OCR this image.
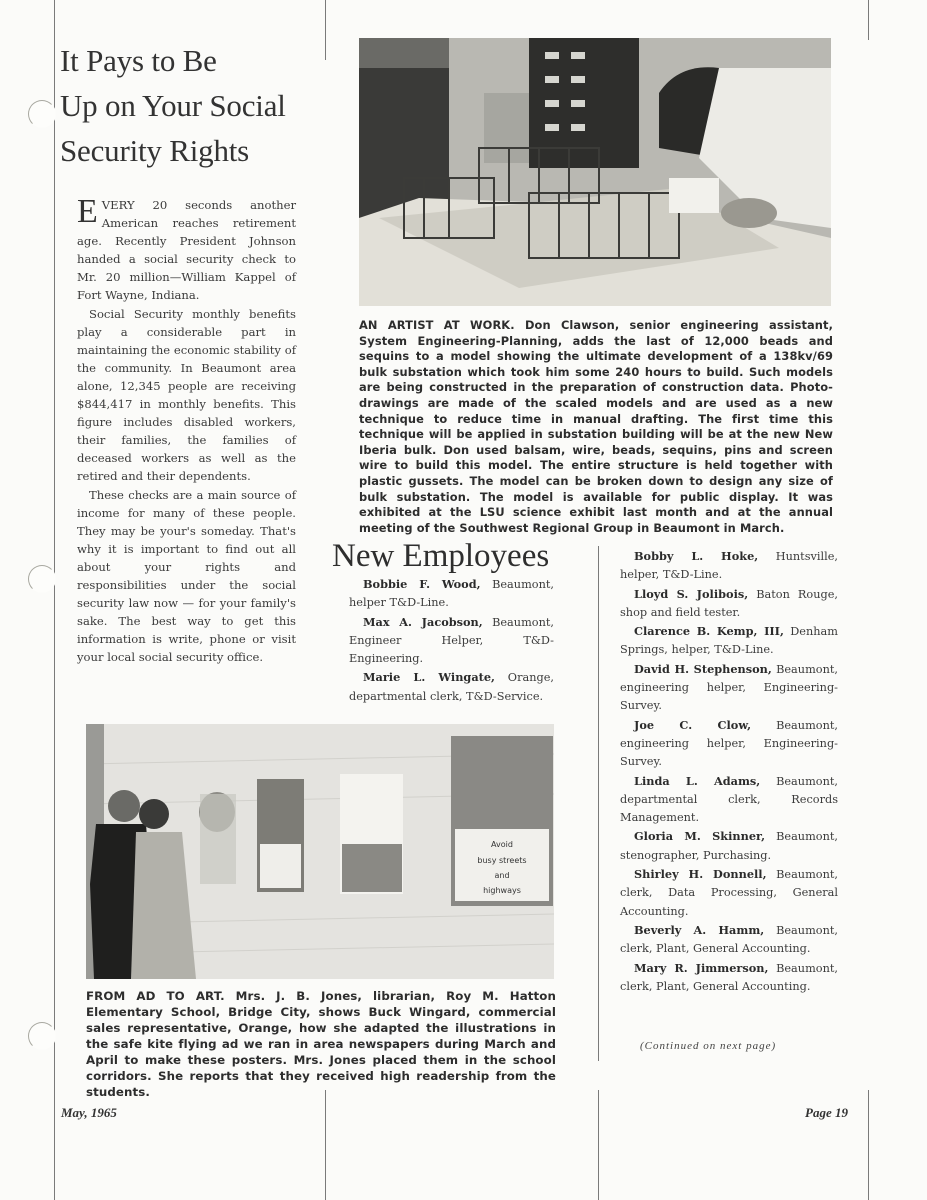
It Pays to Be
Up on Your Social
Security Rights

EVERY 20 seconds another American reaches retirement age. Recently President Johnson handed a social security check to Mr. 20 million—William Kappel of Fort Wayne, Indiana.

Social Security monthly benefits play a considerable part in maintaining the economic stability of the community. In Beaumont area alone, 12,345 people are receiving $844,417 in monthly benefits. This figure includes disabled workers, their families, the families of deceased workers as well as the retired and their dependents.

These checks are a main source of income for many of these people. They may be your's someday. That's why it is important to find out all about your rights and responsibilities under the social security law now — for your family's sake. The best way to get this information is write, phone or visit your local social security office.

AN ARTIST AT WORK. Don Clawson, senior engineering assistant, System Engineering-Planning, adds the last of 12,000 beads and sequins to a model showing the ultimate development of a 138kv/69 bulk substation which took him some 240 hours to build. Such models are being constructed in the preparation of construction data. Photo-drawings are made of the scaled models and are used as a new technique to reduce time in manual drafting. The first time this technique will be applied in substation building will be at the new New Iberia bulk. Don used balsam, wire, beads, sequins, pins and screen wire to build this model. The entire structure is held together with plastic gussets. The model can be broken down to design any size of bulk substation. The model is available for public display. It was exhibited at the LSU science exhibit last month and at the annual meeting of the Southwest Regional Group in Beaumont in March.
New Employees

Bobbie F. Wood, Beaumont, helper T&D-Line.

Max A. Jacobson, Beaumont, Engineer Helper, T&D-Engineering.

Marie L. Wingate, Orange, departmental clerk, T&D-Service.

Bobby L. Hoke, Huntsville, helper, T&D-Line.

Lloyd S. Jolibois, Baton Rouge, shop and field tester.

Clarence B. Kemp, III, Denham Springs, helper, T&D-Line.

David H. Stephenson, Beaumont, engineering helper, Engineering-Survey.

Joe C. Clow, Beaumont, engineering helper, Engineering-Survey.

Linda L. Adams, Beaumont, departmental clerk, Records Management.

Gloria M. Skinner, Beaumont, stenographer, Purchasing.

Shirley H. Donnell, Beaumont, clerk, Data Processing, General Accounting.

Beverly A. Hamm, Beaumont, clerk, Plant, General Accounting.

Mary R. Jimmerson, Beaumont, clerk, Plant, General Accounting.

(Continued on next page)
Avoid
busy streets
and
highways
FROM AD TO ART. Mrs. J. B. Jones, librarian, Roy M. Hatton Elementary School, Bridge City, shows Buck Wingard, commercial sales representative, Orange, how she adapted the illustrations in the safe kite flying ad we ran in area newspapers during March and April to make these posters. Mrs. Jones placed them in the school corridors. She reports that they received high readership from the students.
May, 1965	Page 19
